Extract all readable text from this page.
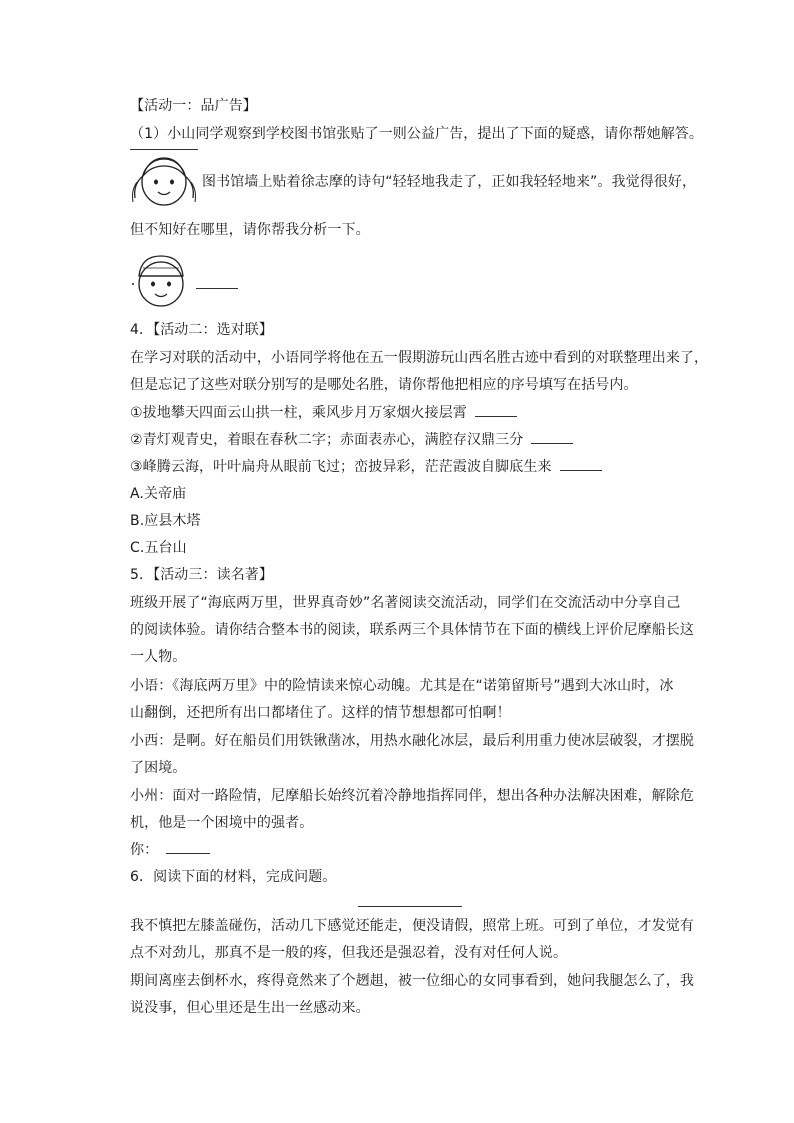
【活动一：品广告】
（1）小山同学观察到学校图书馆张贴了一则公益广告，提出了下面的疑惑，请你帮她解答。
图书馆墙上贴着徐志摩的诗句“轻轻地我走了，正如我轻轻地来”。我觉得很好，
但不知好在哪里，请你帮我分析一下。
4．【活动二：选对联】
在学习对联的活动中，小语同学将他在五一假期游玩山西名胜古迹中看到的对联整理出来了，
但是忘记了这些对联分别写的是哪处名胜，请你帮他把相应的序号填写在括号内。
①拔地攀天四面云山拱一柱，乘风步月万家烟火接层霄
②青灯观青史，着眼在春秋二字；赤面表赤心，满腔存汉鼎三分
③峰腾云海，叶叶扁舟从眼前飞过；峦披异彩，茫茫霞波自脚底生来
A.关帝庙
B.应县木塔
C.五台山
5．【活动三：读名著】
班级开展了“海底两万里，世界真奇妙”名著阅读交流活动，同学们在交流活动中分享自己
的阅读体验。请你结合整本书的阅读，联系两三个具体情节在下面的横线上评价尼摩船长这
一人物。
小语：《海底两万里》中的险情读来惊心动魄。尤其是在“诺第留斯号”遇到大冰山时，冰
山翻倒，还把所有出口都堵住了。这样的情节想想都可怕啊！
小西：是啊。好在船员们用铁锹凿冰，用热水融化冰层，最后利用重力使冰层破裂，才摆脱
了困境。
小州：面对一路险情，尼摩船长始终沉着冷静地指挥同伴，想出各种办法解决困难，解除危
机，他是一个困境中的强者。
你：
6．阅读下面的材料，完成问题。
我不慎把左膝盖碰伤，活动几下感觉还能走，便没请假，照常上班。可到了单位，才发觉有
点不对劲儿，那真不是一般的疼，但我还是强忍着，没有对任何人说。
期间离座去倒杯水，疼得竟然来了个趔趄，被一位细心的女同事看到，她问我腿怎么了，我
说没事，但心里还是生出一丝感动来。
